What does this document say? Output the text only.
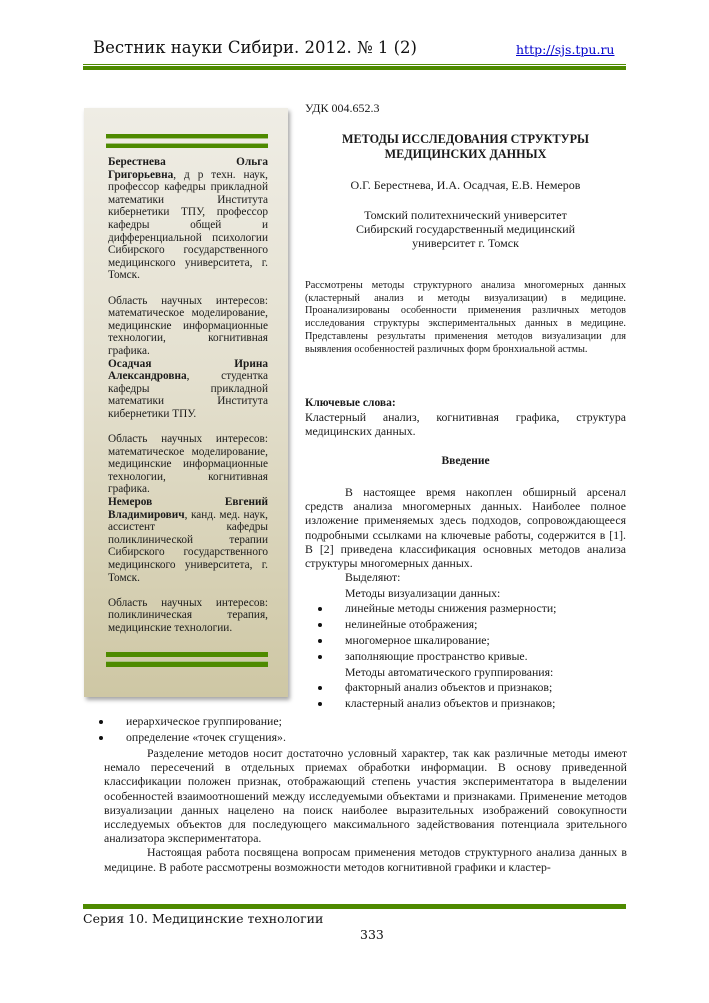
Вестник науки Сибири. 2012. № 1 (2)	http://sjs.tpu.ru

Берестнева Ольга Григорьевна, д р техн. наук, профессор кафедры прикладной математики Института кибернетики ТПУ, профессор кафедры общей и дифференциальной психологии Сибирского государственного медицинского университета, г. Томск.

Область научных интересов: математическое моделирование, медицинские информационные технологии, когнитивная графика.

Осадчая Ирина Александровна, студентка кафедры прикладной математики Института кибернетики ТПУ.

Область научных интересов: математическое моделирование, медицинские информационные технологии, когнитивная графика.

Немеров Евгений Владимирович, канд. мед. наук, ассистент кафедры поликлинической терапии Сибирского государственного медицинского университета, г. Томск.

Область научных интересов: поликлиническая терапия, медицинские технологии.

УДК 004.652.3
МЕТОДЫ ИССЛЕДОВАНИЯ СТРУКТУРЫ
МЕДИЦИНСКИХ ДАННЫХ
О.Г. Берестнева, И.А. Осадчая, Е.В. Немеров
Томский политехнический университет
Сибирский государственный медицинский
университет г. Томск
Рассмотрены методы структурного анализа многомерных данных (кластерный анализ и методы визуализации) в медицине. Проанализированы особенности применения различных методов исследования структуры экспериментальных данных в медицине. Представлены результаты применения методов визуализации для выявления особенностей различных форм бронхиальной астмы.
Ключевые слова:
Кластерный анализ, когнитивная графика, структура медицинских данных.
Введение
В настоящее время накоплен обширный арсенал средств анализа многомерных данных. Наиболее полное изложение применяемых здесь подходов, сопровождающееся подробными ссылками на ключевые работы, содержится в [1]. В [2] приведена классификация основных методов анализа структуры многомерных данных.
Выделяют:
Методы визуализации данных:
линейные методы снижения размерности;
нелинейные отображения;
многомерное шкалирование;
заполняющие пространство кривые.
Методы автоматического группирования:
факторный анализ объектов и признаков;
кластерный анализ объектов и признаков;
иерархическое группирование;
определение «точек сгущения».

Разделение методов носит достаточно условный характер, так как различные методы имеют немало пересечений в отдельных приемах обработки информации. В основу приведенной классификации положен признак, отображающий степень участия экспериментатора в выделении особенностей взаимоотношений между исследуемыми объектами и признаками. Применение методов визуализации данных нацелено на поиск наиболее выразительных изображений совокупности исследуемых объектов для последующего максимального задействования потенциала зрительного анализатора экспериментатора.

Настоящая работа посвящена вопросам применения методов структурного анализа данных в медицине. В работе рассмотрены возможности методов когнитивной графики и кластер-

Серия 10. Медицинские технологии
333
